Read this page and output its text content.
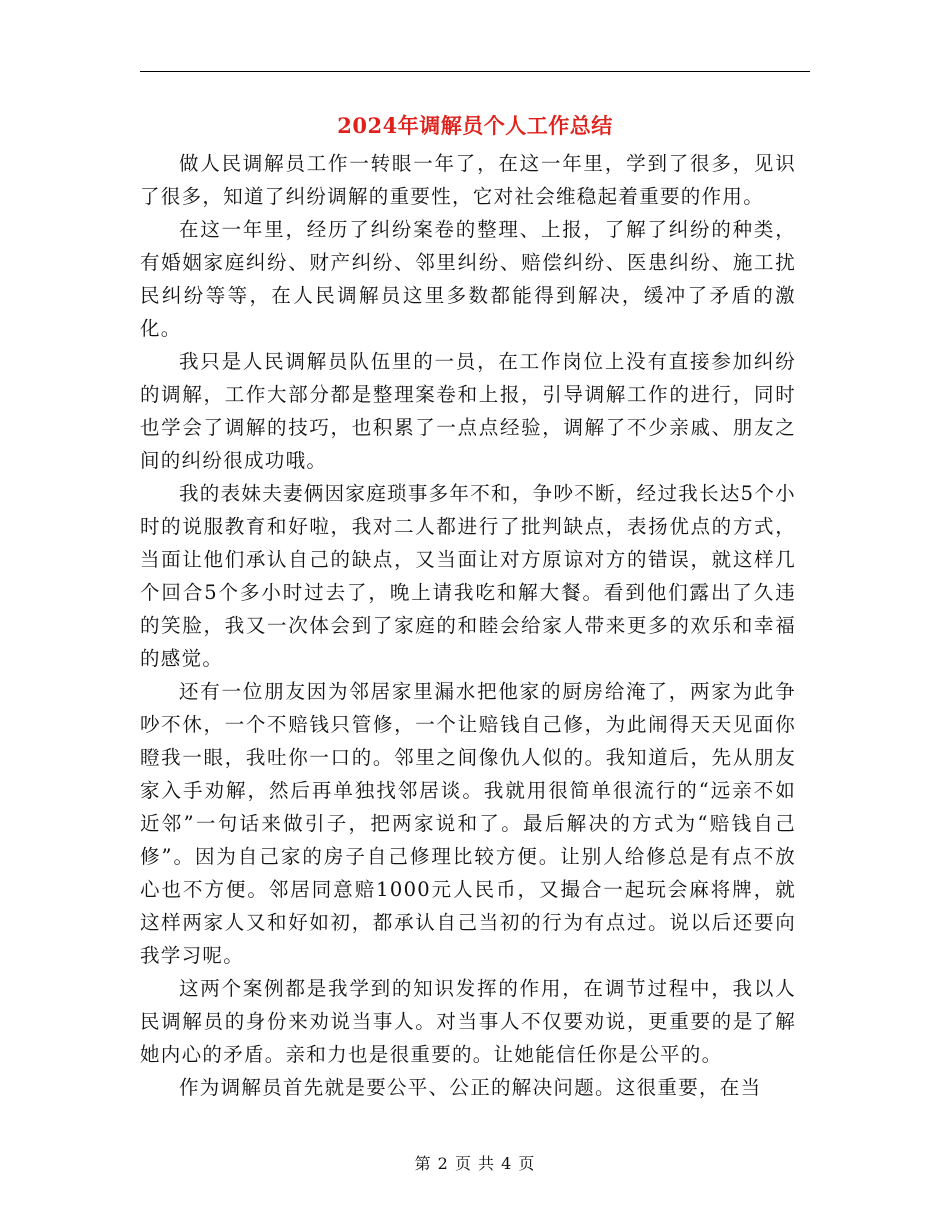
2024年调解员个人工作总结

做人民调解员工作一转眼一年了，在这一年里，学到了很多，见识了很多，知道了纠纷调解的重要性，它对社会维稳起着重要的作用。

在这一年里，经历了纠纷案卷的整理、上报，了解了纠纷的种类，有婚姻家庭纠纷、财产纠纷、邻里纠纷、赔偿纠纷、医患纠纷、施工扰民纠纷等等，在人民调解员这里多数都能得到解决，缓冲了矛盾的激化。

我只是人民调解员队伍里的一员，在工作岗位上没有直接参加纠纷的调解，工作大部分都是整理案卷和上报，引导调解工作的进行，同时也学会了调解的技巧，也积累了一点点经验，调解了不少亲戚、朋友之间的纠纷很成功哦。

我的表妹夫妻俩因家庭琐事多年不和，争吵不断，经过我长达5个小时的说服教育和好啦，我对二人都进行了批判缺点，表扬优点的方式，当面让他们承认自己的缺点，又当面让对方原谅对方的错误，就这样几个回合5个多小时过去了，晚上请我吃和解大餐。看到他们露出了久违的笑脸，我又一次体会到了家庭的和睦会给家人带来更多的欢乐和幸福的感觉。

还有一位朋友因为邻居家里漏水把他家的厨房给淹了，两家为此争吵不休，一个不赔钱只管修，一个让赔钱自己修，为此闹得天天见面你瞪我一眼，我吐你一口的。邻里之间像仇人似的。我知道后，先从朋友家入手劝解，然后再单独找邻居谈。我就用很简单很流行的“远亲不如近邻”一句话来做引子，把两家说和了。最后解决的方式为“赔钱自己修”。因为自己家的房子自己修理比较方便。让别人给修总是有点不放心也不方便。邻居同意赔1000元人民币，又撮合一起玩会麻将牌，就这样两家人又和好如初，都承认自己当初的行为有点过。说以后还要向我学习呢。

这两个案例都是我学到的知识发挥的作用，在调节过程中，我以人民调解员的身份来劝说当事人。对当事人不仅要劝说，更重要的是了解她内心的矛盾。亲和力也是很重要的。让她能信任你是公平的。

作为调解员首先就是要公平、公正的解决问题。这很重要，在当

第 2 页 共 4 页
